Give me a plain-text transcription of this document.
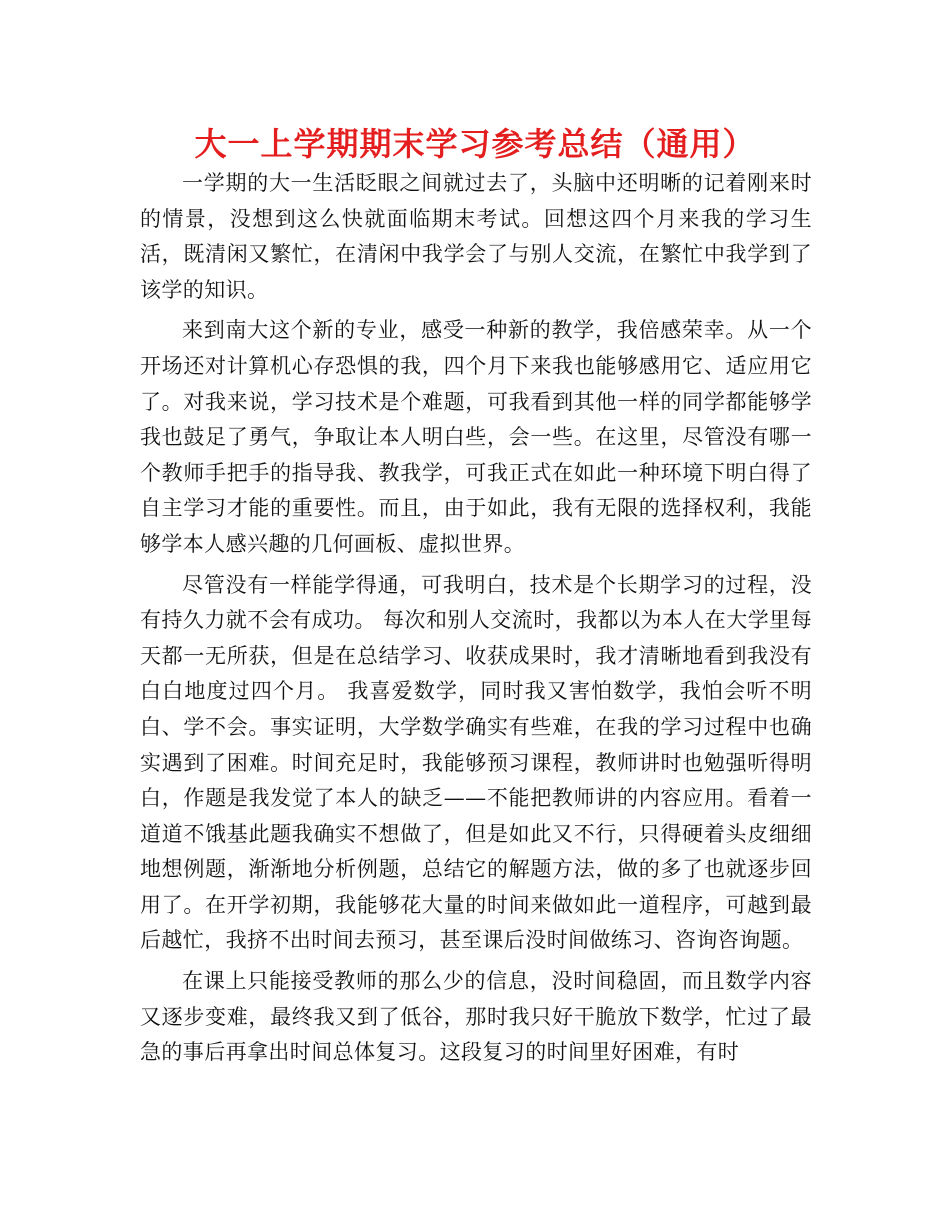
大一上学期期末学习参考总结（通用）

一学期的大一生活眨眼之间就过去了，头脑中还明晰的记着刚来时的情景，没想到这么快就面临期末考试。回想这四个月来我的学习生活，既清闲又繁忙，在清闲中我学会了与别人交流，在繁忙中我学到了该学的知识。

来到南大这个新的专业，感受一种新的教学，我倍感荣幸。从一个开场还对计算机心存恐惧的我，四个月下来我也能够感用它、适应用它了。对我来说，学习技术是个难题，可我看到其他一样的同学都能够学我也鼓足了勇气，争取让本人明白些，会一些。在这里，尽管没有哪一个教师手把手的指导我、教我学，可我正式在如此一种环境下明白得了自主学习才能的重要性。而且，由于如此，我有无限的选择权利，我能够学本人感兴趣的几何画板、虚拟世界。

尽管没有一样能学得通，可我明白，技术是个长期学习的过程，没有持久力就不会有成功。 每次和别人交流时，我都以为本人在大学里每天都一无所获，但是在总结学习、收获成果时，我才清晰地看到我没有白白地度过四个月。 我喜爱数学，同时我又害怕数学，我怕会听不明白、学不会。事实证明，大学数学确实有些难，在我的学习过程中也确实遇到了困难。时间充足时，我能够预习课程，教师讲时也勉强听得明白，作题是我发觉了本人的缺乏——不能把教师讲的内容应用。看着一道道不饿基此题我确实不想做了，但是如此又不行，只得硬着头皮细细地想例题，渐渐地分析例题，总结它的解题方法，做的多了也就逐步回用了。在开学初期，我能够花大量的时间来做如此一道程序，可越到最后越忙，我挤不出时间去预习，甚至课后没时间做练习、咨询咨询题。

在课上只能接受教师的那么少的信息，没时间稳固，而且数学内容又逐步变难，最终我又到了低谷，那时我只好干脆放下数学，忙过了最急的事后再拿出时间总体复习。这段复习的时间里好困难，有时
